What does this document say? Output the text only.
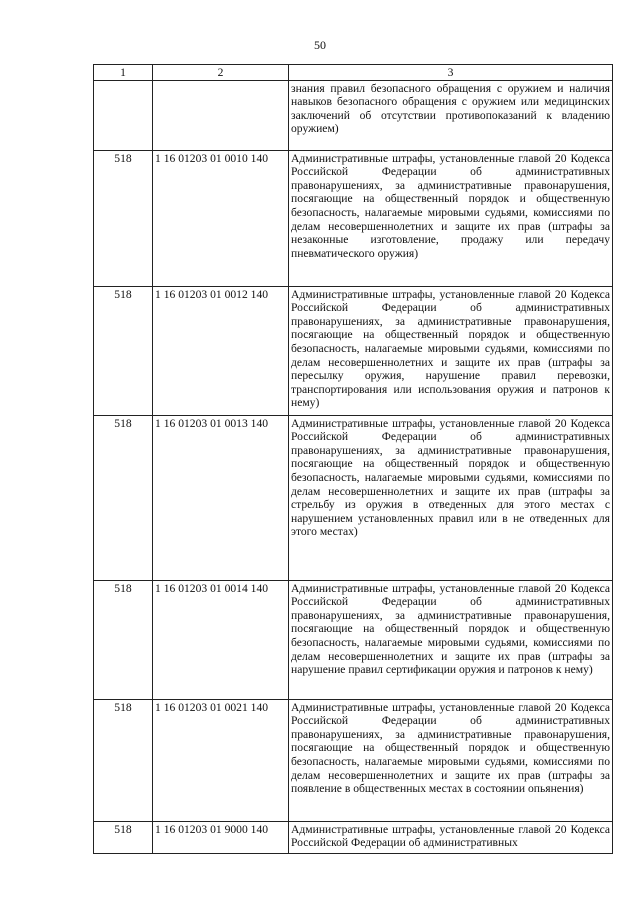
50
1	2	3
		знания правил безопасного обращения с оружием и наличия навыков безопасного обращения с оружием или медицинских заключений об отсутствии противопоказаний к владению оружием)
518	1 16 01203 01 0010 140	Административные штрафы, установленные главой 20 Кодекса Российской Федерации об административных правонарушениях, за административные правонарушения, посягающие на общественный порядок и общественную безопасность, налагаемые мировыми судьями, комиссиями по делам несовершеннолетних и защите их прав (штрафы за незаконные изготовление, продажу или передачу пневматического оружия)
518	1 16 01203 01 0012 140	Административные штрафы, установленные главой 20 Кодекса Российской Федерации об административных правонарушениях, за административные правонарушения, посягающие на общественный порядок и общественную безопасность, налагаемые мировыми судьями, комиссиями по делам несовершеннолетних и защите их прав (штрафы за пересылку оружия, нарушение правил перевозки, транспортирования или использования оружия и патронов к нему)
518	1 16 01203 01 0013 140	Административные штрафы, установленные главой 20 Кодекса Российской Федерации об административных правонарушениях, за административные правонарушения, посягающие на общественный порядок и общественную безопасность, налагаемые мировыми судьями, комиссиями по делам несовершеннолетних и защите их прав (штрафы за стрельбу из оружия в отведенных для этого местах с нарушением установленных правил или в не отведенных для этого местах)
518	1 16 01203 01 0014 140	Административные штрафы, установленные главой 20 Кодекса Российской Федерации об административных правонарушениях, за административные правонарушения, посягающие на общественный порядок и общественную безопасность, налагаемые мировыми судьями, комиссиями по делам несовершеннолетних и защите их прав (штрафы за нарушение правил сертификации оружия и патронов к нему)
518	1 16 01203 01 0021 140	Административные штрафы, установленные главой 20 Кодекса Российской Федерации об административных правонарушениях, за административные правонарушения, посягающие на общественный порядок и общественную безопасность, налагаемые мировыми судьями, комиссиями по делам несовершеннолетних и защите их прав (штрафы за появление в общественных местах в состоянии опьянения)
518	1 16 01203 01 9000 140	Административные штрафы, установленные главой 20 Кодекса Российской Федерации об административных
